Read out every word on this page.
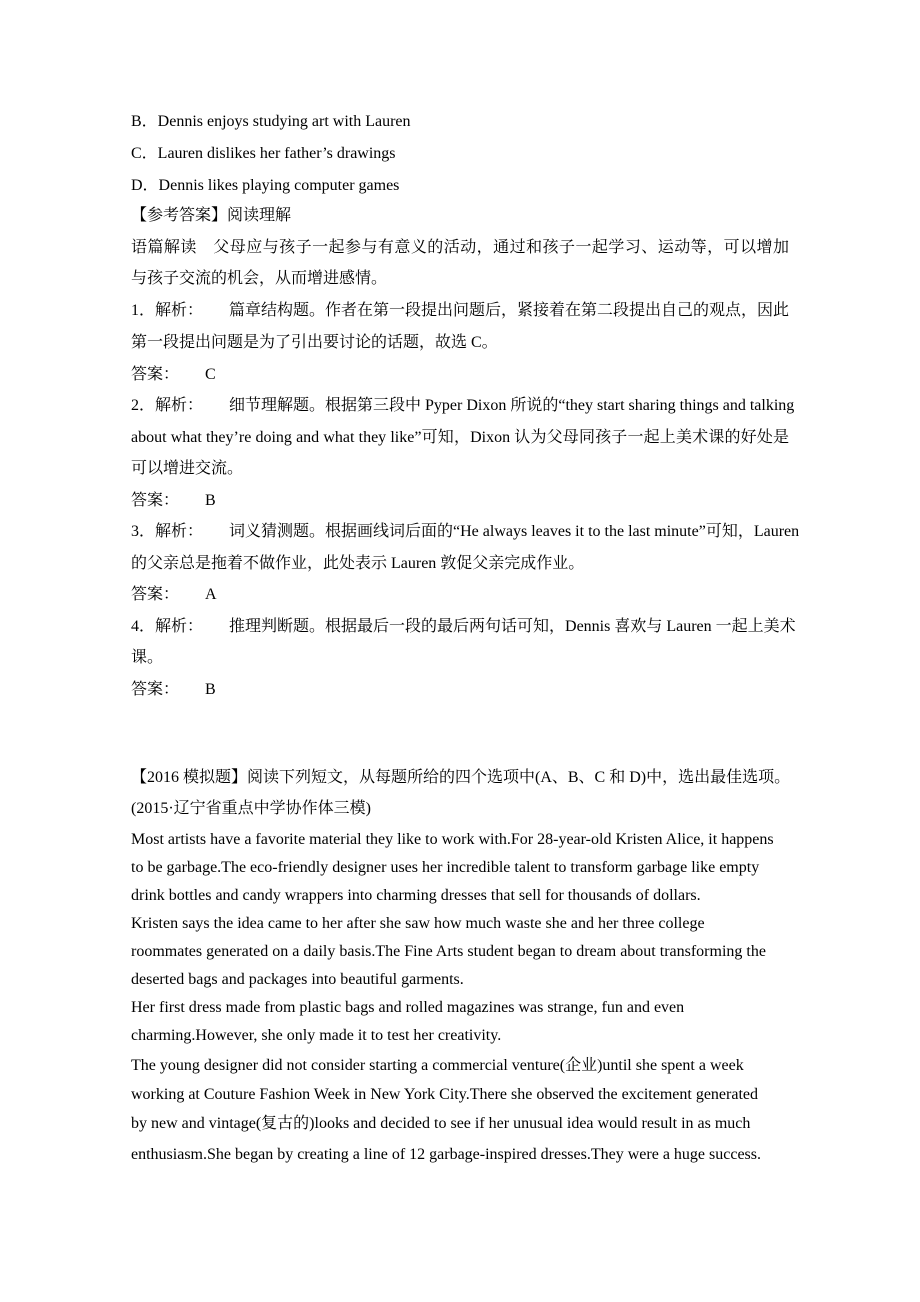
B．Dennis enjoys studying art with Lauren
C．Lauren dislikes her father’s drawings
D．Dennis likes playing computer games
【参考答案】阅读理解
语篇解读　父母应与孩子一起参与有意义的活动，通过和孩子一起学习、运动等，可以增加
与孩子交流的机会，从而增进感情。
1．解析： 篇章结构题。作者在第一段提出问题后，紧接着在第二段提出自己的观点，因此
第一段提出问题是为了引出要讨论的话题，故选 C。
答案： C
2．解析： 细节理解题。根据第三段中 Pyper Dixon 所说的“they start sharing things and talking
about what they’re doing and what they like”可知，Dixon 认为父母同孩子一起上美术课的好处是
可以增进交流。
答案： B
3．解析： 词义猜测题。根据画线词后面的“He always leaves it to the last minute”可知，Lauren
的父亲总是拖着不做作业，此处表示 Lauren 敦促父亲完成作业。
答案： A
4．解析： 推理判断题。根据最后一段的最后两句话可知，Dennis 喜欢与 Lauren 一起上美术
课。
答案： B
【2016 模拟题】阅读下列短文，从每题所给的四个选项中(A、B、C 和 D)中，选出最佳选项。
(2015·辽宁省重点中学协作体三模)
Most artists have a favorite material they like to work with.For 28-year-old Kristen Alice, it happens
to be garbage.The eco-friendly designer uses her incredible talent to transform garbage like empty
drink bottles and candy wrappers into charming dresses that sell for thousands of dollars.
Kristen says the idea came to her after she saw how much waste she and her three college
roommates generated on a daily basis.The Fine Arts student began to dream about transforming the
deserted bags and packages into beautiful garments.
Her first dress made from plastic bags and rolled magazines was strange, fun and even
charming.However, she only made it to test her creativity.
The young designer did not consider starting a commercial venture(企业)until she spent a week
working at Couture Fashion Week in New York City.There she observed the excitement generated
by new and vintage(复古的)looks and decided to see if her unusual idea would result in as much
enthusiasm.She began by creating a line of 12 garbage-inspired dresses.They were a huge success.
